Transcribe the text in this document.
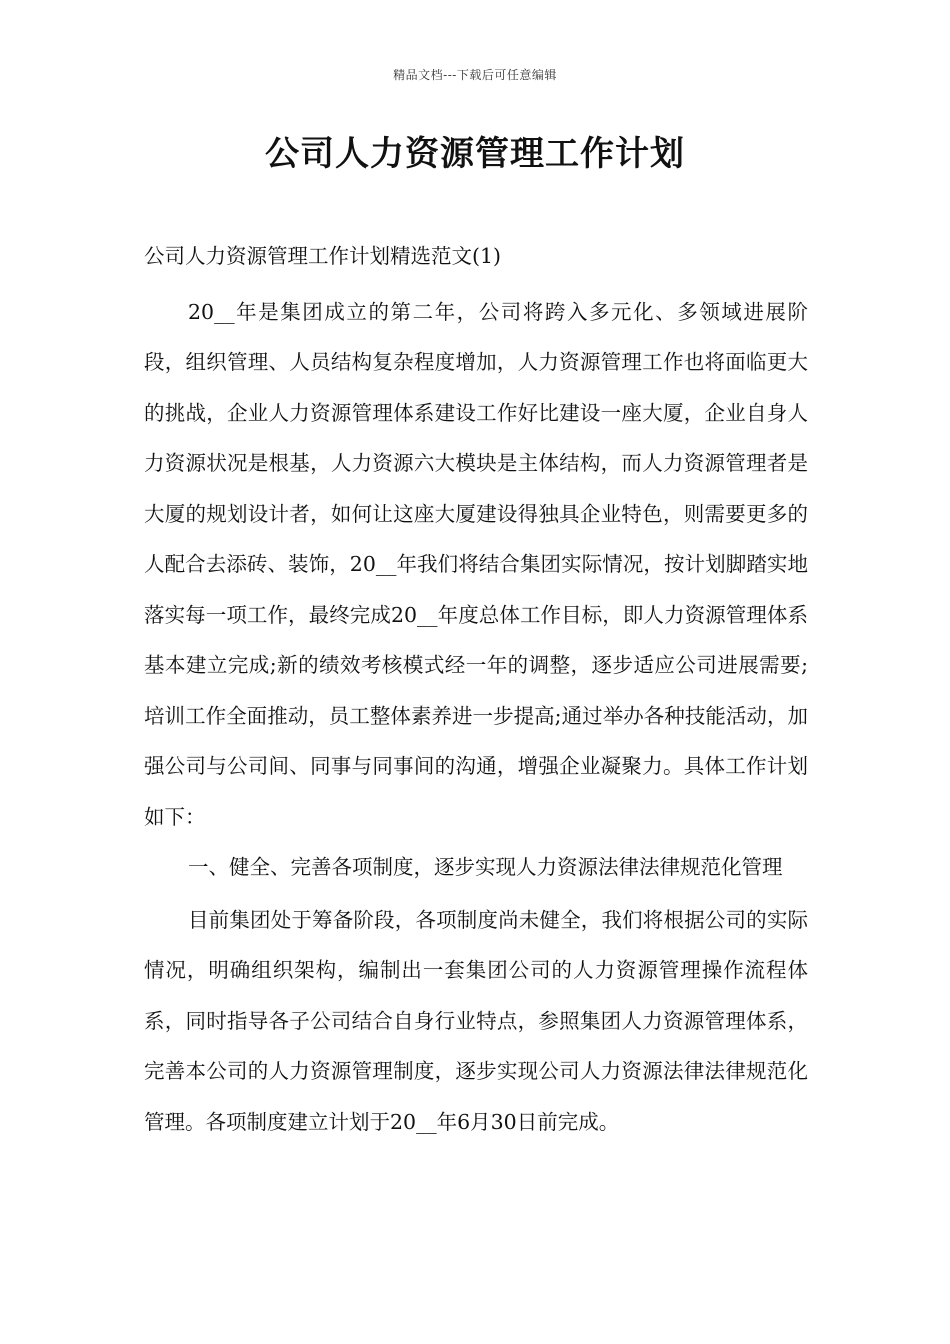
精品文档---下载后可任意编辑
公司人力资源管理工作计划

公司人力资源管理工作计划精选范文(1)

20__年是集团成立的第二年，公司将跨入多元化、多领域进展阶段，组织管理、人员结构复杂程度增加，人力资源管理工作也将面临更大的挑战，企业人力资源管理体系建设工作好比建设一座大厦，企业自身人力资源状况是根基，人力资源六大模块是主体结构，而人力资源管理者是大厦的规划设计者，如何让这座大厦建设得独具企业特色，则需要更多的人配合去添砖、装饰，20__年我们将结合集团实际情况，按计划脚踏实地落实每一项工作，最终完成20__年度总体工作目标，即人力资源管理体系基本建立完成;新的绩效考核模式经一年的调整，逐步适应公司进展需要;培训工作全面推动，员工整体素养进一步提高;通过举办各种技能活动，加强公司与公司间、同事与同事间的沟通，增强企业凝聚力。具体工作计划如下：

一、健全、完善各项制度，逐步实现人力资源法律法律规范化管理

目前集团处于筹备阶段，各项制度尚未健全，我们将根据公司的实际情况，明确组织架构，编制出一套集团公司的人力资源管理操作流程体系，同时指导各子公司结合自身行业特点，参照集团人力资源管理体系，完善本公司的人力资源管理制度，逐步实现公司人力资源法律法律规范化管理。各项制度建立计划于20__年6月30日前完成。
